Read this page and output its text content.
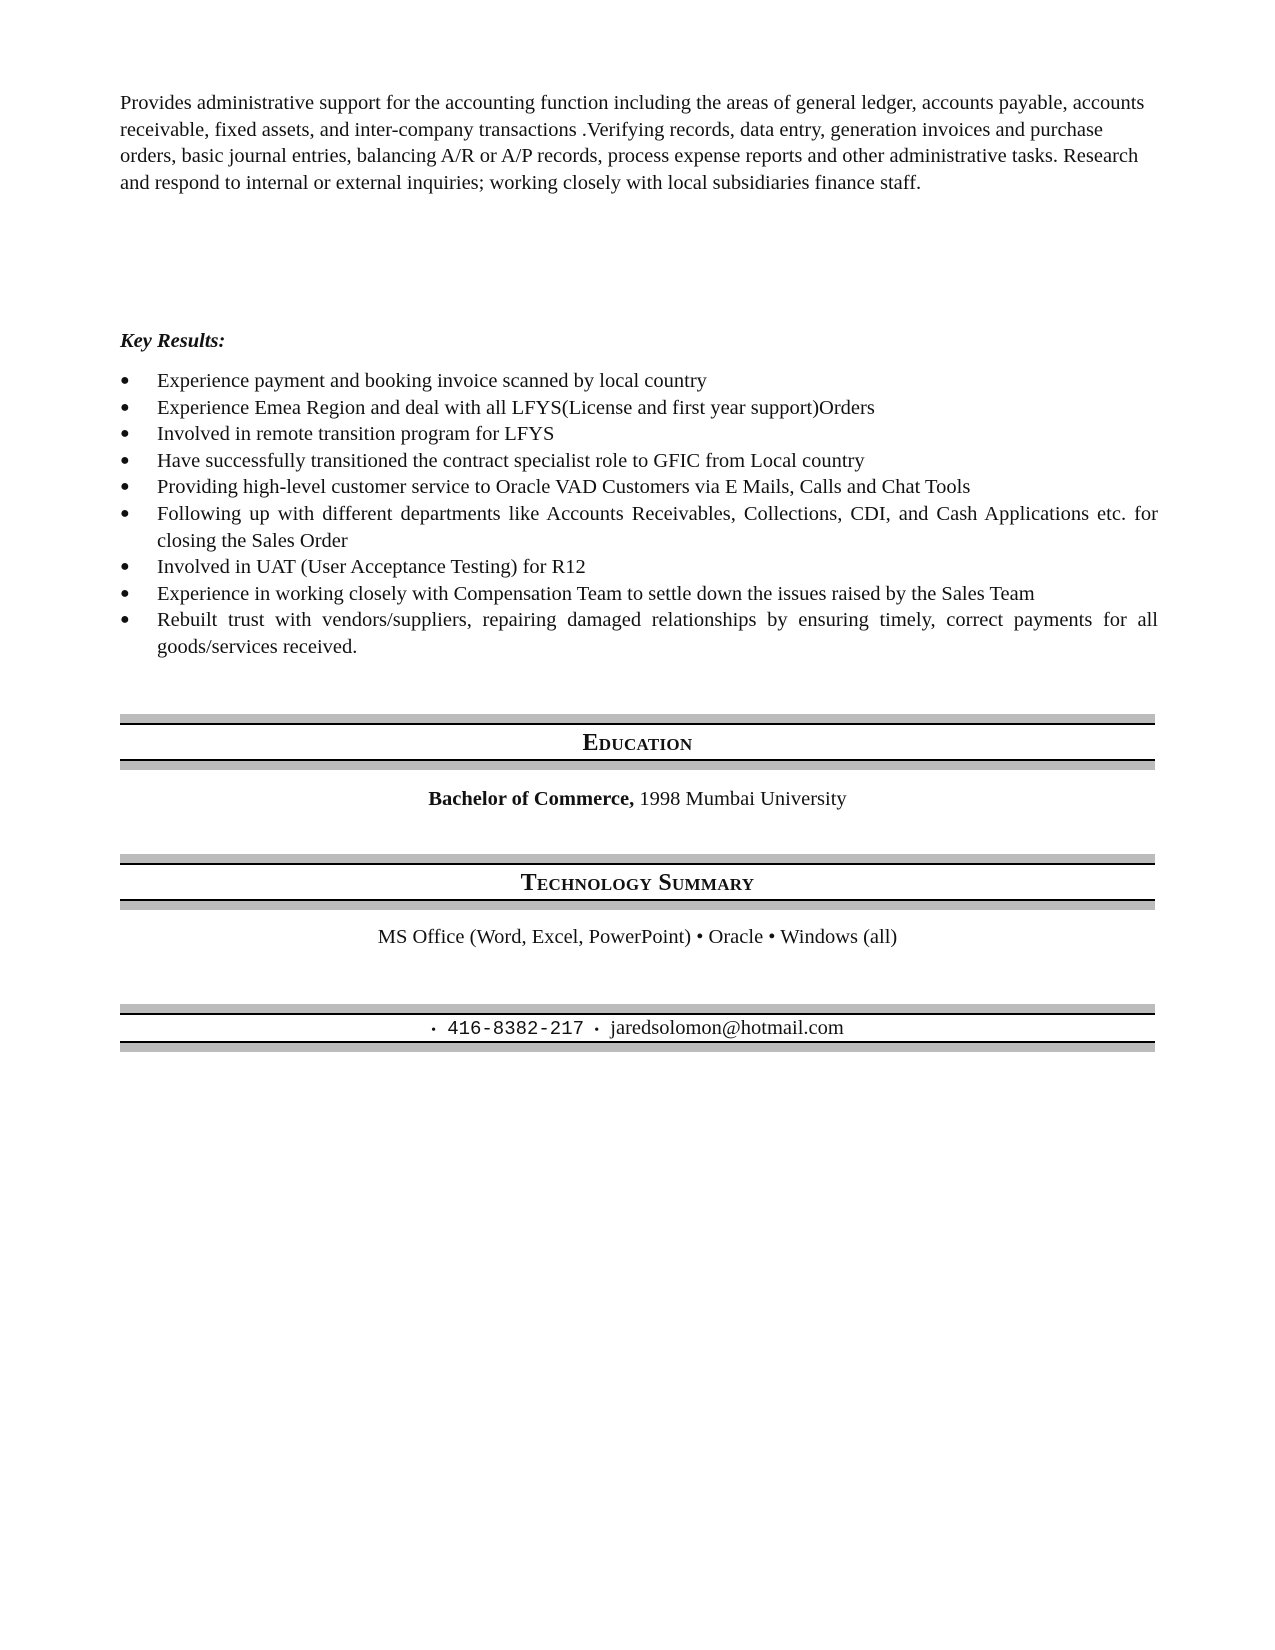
Provides administrative support for the accounting function including the areas of general ledger, accounts payable, accounts receivable, fixed assets, and inter-company transactions .Verifying records, data entry, generation invoices and purchase orders, basic journal entries, balancing A/R or A/P records, process expense reports and other administrative tasks. Research and respond to internal or external inquiries; working closely with local subsidiaries finance staff.

Key Results:

● Experience payment and booking invoice scanned by local country
● Experience Emea Region and deal with all LFYS(License and first year support)Orders
● Involved in remote transition program for LFYS
● Have successfully transitioned the contract specialist role to GFIC from Local country
● Providing high-level customer service to Oracle VAD Customers via E Mails, Calls and Chat Tools
● Following up with different departments like Accounts Receivables, Collections, CDI, and Cash Applications etc. for closing the Sales Order
● Involved in UAT (User Acceptance Testing) for R12
● Experience in working closely with Compensation Team to settle down the issues raised by the Sales Team
● Rebuilt trust with vendors/suppliers, repairing damaged relationships by ensuring timely, correct payments for all goods/services received.
Education
Bachelor of Commerce, 1998 Mumbai University
Technology Summary
MS Office (Word, Excel, PowerPoint) • Oracle • Windows (all)
• 416-8382-217 • jaredsolomon@hotmail.com
